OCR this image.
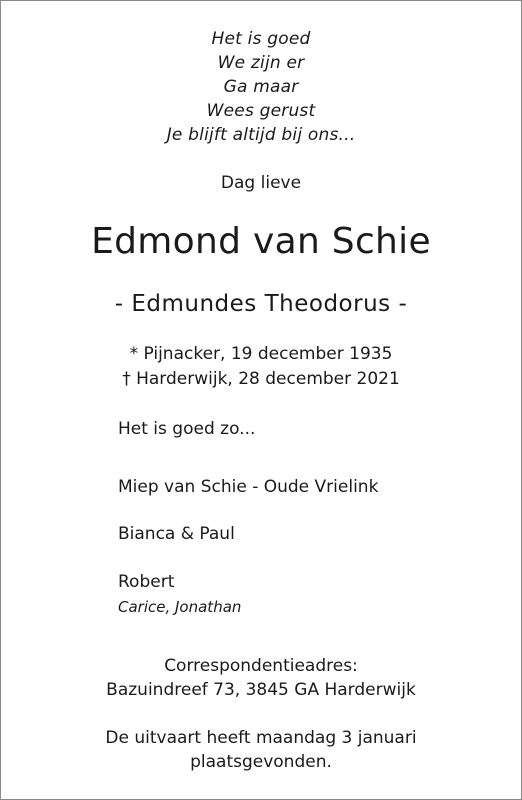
Het is goed
We zijn er
Ga maar
Wees gerust
Je blijft altijd bij ons...
Dag lieve
Edmond van Schie
- Edmundes Theodorus -
* Pijnacker, 19 december 1935
† Harderwijk, 28 december 2021
Het is goed zo...
Miep van Schie - Oude Vrielink
Bianca & Paul
Robert
Carice, Jonathan
Correspondentieadres:
Bazuindreef 73, 3845 GA Harderwijk
De uitvaart heeft maandag 3 januari
plaatsgevonden.
